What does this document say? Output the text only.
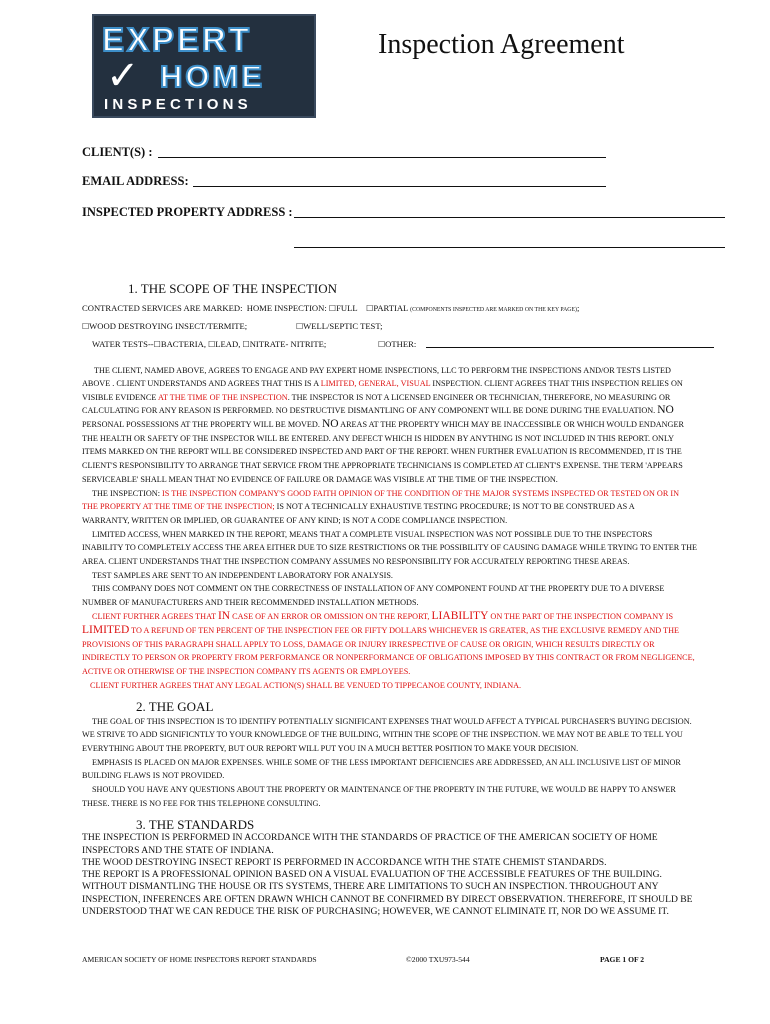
EXPERT
✓ HOME
INSPECTIONS
Inspection Agreement
CLIENT(S) :
EMAIL ADDRESS:
INSPECTED PROPERTY ADDRESS :
1. THE SCOPE OF THE INSPECTION
CONTRACTED SERVICES ARE MARKED: HOME INSPECTION: ☐FULL ☐PARTIAL (COMPONENTS INSPECTED ARE MARKED ON THE KEY PAGE);
☐WOOD DESTROYING INSECT/TERMITE;	☐WELL/SEPTIC TEST;
WATER TESTS--☐BACTERIA, ☐LEAD, ☐NITRATE- NITRITE;	☐OTHER:
THE CLIENT, NAMED ABOVE, AGREES TO ENGAGE AND PAY EXPERT HOME INSPECTIONS, LLC TO PERFORM THE INSPECTIONS AND/OR TESTS LISTED
ABOVE . CLIENT UNDERSTANDS AND AGREES THAT THIS IS A LIMITED, GENERAL, VISUAL INSPECTION. CLIENT AGREES THAT THIS INSPECTION RELIES ON
VISIBLE EVIDENCE AT THE TIME OF THE INSPECTION. THE INSPECTOR IS NOT A LICENSED ENGINEER OR TECHNICIAN, THEREFORE, NO MEASURING OR
CALCULATING FOR ANY REASON IS PERFORMED. NO DESTRUCTIVE DISMANTLING OF ANY COMPONENT WILL BE DONE DURING THE EVALUATION. NO
PERSONAL POSSESSIONS AT THE PROPERTY WILL BE MOVED. NO AREAS AT THE PROPERTY WHICH MAY BE INACCESSIBLE OR WHICH WOULD ENDANGER
THE HEALTH OR SAFETY OF THE INSPECTOR WILL BE ENTERED. ANY DEFECT WHICH IS HIDDEN BY ANYTHING IS NOT INCLUDED IN THIS REPORT. ONLY
ITEMS MARKED ON THE REPORT WILL BE CONSIDERED INSPECTED AND PART OF THE REPORT. WHEN FURTHER EVALUATION IS RECOMMENDED, IT IS THE
CLIENT'S RESPONSIBILITY TO ARRANGE THAT SERVICE FROM THE APPROPRIATE TECHNICIANS IS COMPLETED AT CLIENT'S EXPENSE. THE TERM 'APPEARS
SERVICEABLE' SHALL MEAN THAT NO EVIDENCE OF FAILURE OR DAMAGE WAS VISIBLE AT THE TIME OF THE INSPECTION.
THE INSPECTION: IS THE INSPECTION COMPANY'S GOOD FAITH OPINION OF THE CONDITION OF THE MAJOR SYSTEMS INSPECTED OR TESTED ON OR IN
THE PROPERTY AT THE TIME OF THE INSPECTION; IS NOT A TECHNICALLY EXHAUSTIVE TESTING PROCEDURE; IS NOT TO BE CONSTRUED AS A
WARRANTY, WRITTEN OR IMPLIED, OR GUARANTEE OF ANY KIND; IS NOT A CODE COMPLIANCE INSPECTION.
LIMITED ACCESS, WHEN MARKED IN THE REPORT, MEANS THAT A COMPLETE VISUAL INSPECTION WAS NOT POSSIBLE DUE TO THE INSPECTORS
INABILITY TO COMPLETELY ACCESS THE AREA EITHER DUE TO SIZE RESTRICTIONS OR THE POSSIBILITY OF CAUSING DAMAGE WHILE TRYING TO ENTER THE
AREA. CLIENT UNDERSTANDS THAT THE INSPECTION COMPANY ASSUMES NO RESPONSIBILITY FOR ACCURATELY REPORTING THESE AREAS.
TEST SAMPLES ARE SENT TO AN INDEPENDENT LABORATORY FOR ANALYSIS.
THIS COMPANY DOES NOT COMMENT ON THE CORRECTNESS OF INSTALLATION OF ANY COMPONENT FOUND AT THE PROPERTY DUE TO A DIVERSE
NUMBER OF MANUFACTURERS AND THEIR RECOMMENDED INSTALLATION METHODS.
CLIENT FURTHER AGREES THAT IN CASE OF AN ERROR OR OMISSION ON THE REPORT, LIABILITY ON THE PART OF THE INSPECTION COMPANY IS
LIMITED TO A REFUND OF TEN PERCENT OF THE INSPECTION FEE OR FIFTY DOLLARS WHICHEVER IS GREATER, AS THE EXCLUSIVE REMEDY AND THE
PROVISIONS OF THIS PARAGRAPH SHALL APPLY TO LOSS, DAMAGE OR INJURY IRRESPECTIVE OF CAUSE OR ORIGIN, WHICH RESULTS DIRECTLY OR
INDIRECTLY TO PERSON OR PROPERTY FROM PERFORMANCE OR NONPERFORMANCE OF OBLIGATIONS IMPOSED BY THIS CONTRACT OR FROM NEGLIGENCE,
ACTIVE OR OTHERWISE OF THE INSPECTION COMPANY ITS AGENTS OR EMPLOYEES.
CLIENT FURTHER AGREES THAT ANY LEGAL ACTION(S) SHALL BE VENUED TO TIPPECANOE COUNTY, INDIANA.
2. THE GOAL
THE GOAL OF THIS INSPECTION IS TO IDENTIFY POTENTIALLY SIGNIFICANT EXPENSES THAT WOULD AFFECT A TYPICAL PURCHASER'S BUYING DECISION.
WE STRIVE TO ADD SIGNIFICNTLY TO YOUR KNOWLEDGE OF THE BUILDING, WITHIN THE SCOPE OF THE INSPECTION. WE MAY NOT BE ABLE TO TELL YOU
EVERYTHING ABOUT THE PROPERTY, BUT OUR REPORT WILL PUT YOU IN A MUCH BETTER POSITION TO MAKE YOUR DECISION.
EMPHASIS IS PLACED ON MAJOR EXPENSES. WHILE SOME OF THE LESS IMPORTANT DEFICIENCIES ARE ADDRESSED, AN ALL INCLUSIVE LIST OF MINOR
BUILDING FLAWS IS NOT PROVIDED.
SHOULD YOU HAVE ANY QUESTIONS ABOUT THE PROPERTY OR MAINTENANCE OF THE PROPERTY IN THE FUTURE, WE WOULD BE HAPPY TO ANSWER
THESE. THERE IS NO FEE FOR THIS TELEPHONE CONSULTING.
3. THE STANDARDS
THE INSPECTION IS PERFORMED IN ACCORDANCE WITH THE STANDARDS OF PRACTICE OF THE AMERICAN SOCIETY OF HOME
INSPECTORS AND THE STATE OF INDIANA.
THE WOOD DESTROYING INSECT REPORT IS PERFORMED IN ACCORDANCE WITH THE STATE CHEMIST STANDARDS.
THE REPORT IS A PROFESSIONAL OPINION BASED ON A VISUAL EVALUATION OF THE ACCESSIBLE FEATURES OF THE BUILDING.
WITHOUT DISMANTLING THE HOUSE OR ITS SYSTEMS, THERE ARE LIMITATIONS TO SUCH AN INSPECTION. THROUGHOUT ANY
INSPECTION, INFERENCES ARE OFTEN DRAWN WHICH CANNOT BE CONFIRMED BY DIRECT OBSERVATION. THEREFORE, IT SHOULD BE
UNDERSTOOD THAT WE CAN REDUCE THE RISK OF PURCHASING; HOWEVER, WE CANNOT ELIMINATE IT, NOR DO WE ASSUME IT.
AMERICAN SOCIETY OF HOME INSPECTORS REPORT STANDARDS	©2000 TXU973-544	PAGE 1 OF 2
